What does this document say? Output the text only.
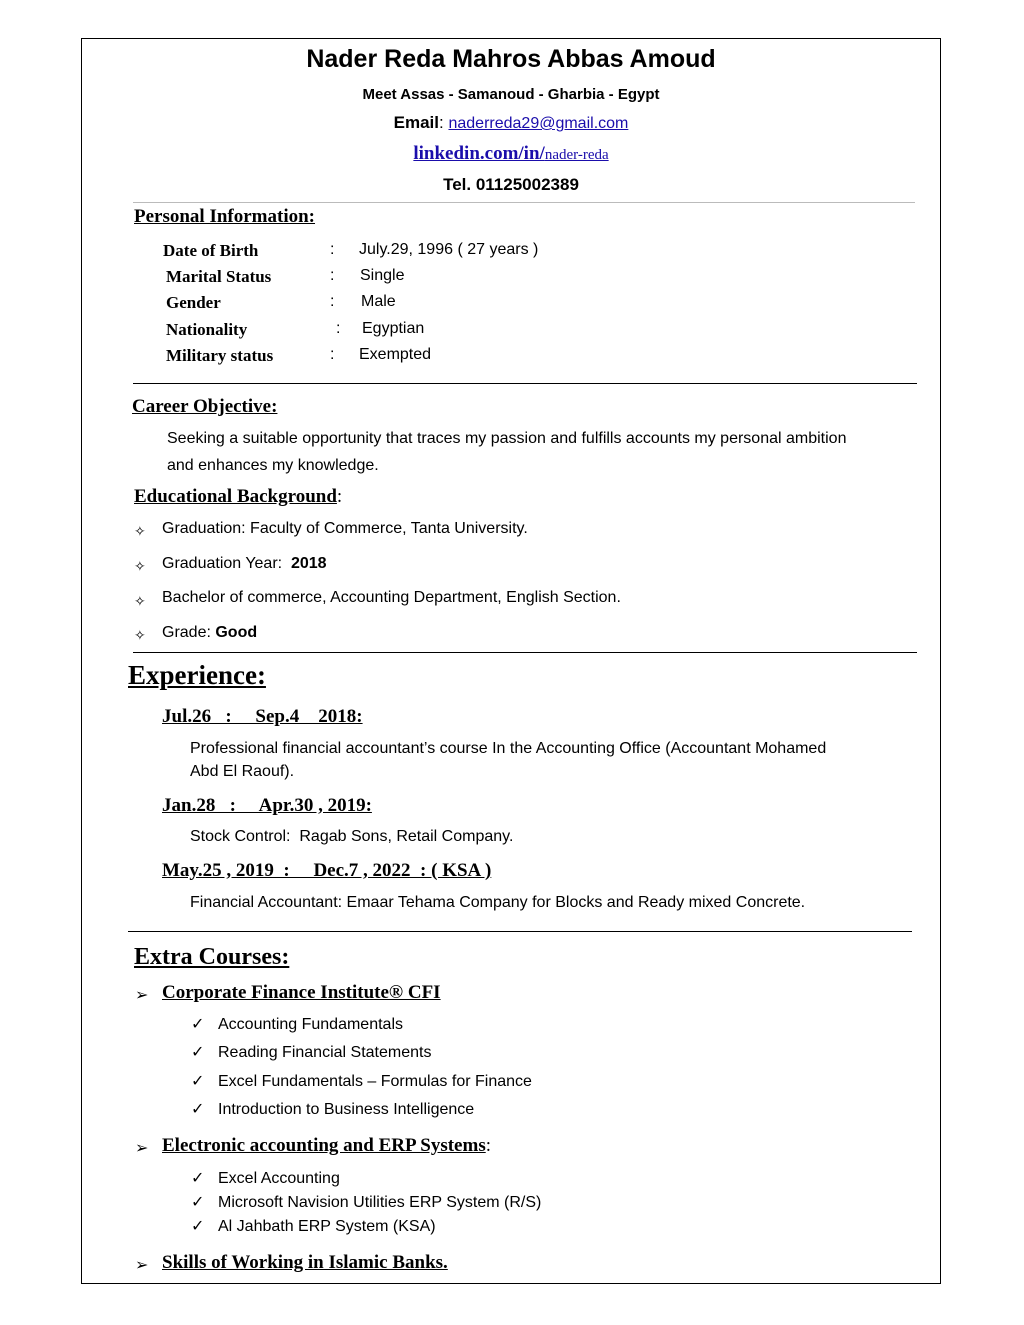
Nader Reda Mahros Abbas Amoud
Meet Assas - Samanoud - Gharbia - Egypt
Email: naderreda29@gmail.com
linkedin.com/in/nader-reda
Tel. 01125002389
Personal Information:
Date of Birth	: July.29, 1996 ( 27 years )
Marital Status	: Single
Gender	: Male
Nationality	: Egyptian
Military status	: Exempted
Career Objective:
Seeking a suitable opportunity that traces my passion and fulfills accounts my personal ambition
and enhances my knowledge.
Educational Background:
✧ Graduation: Faculty of Commerce, Tanta University.
✧ Graduation Year:  2018
✧ Bachelor of commerce, Accounting Department, English Section.
✧ Grade: Good
Experience:
Jul.26   :     Sep.4    2018:
Professional financial accountant’s course In the Accounting Office (Accountant Mohamed
Abd El Raouf).
Jan.28   :     Apr.30 , 2019:
Stock Control:  Ragab Sons, Retail Company.
May.25 , 2019  :     Dec.7 , 2022  : ( KSA )
Financial Accountant: Emaar Tehama Company for Blocks and Ready mixed Concrete.
Extra Courses:
➢ Corporate Finance Institute® CFI
✓ Accounting Fundamentals
✓ Reading Financial Statements
✓ Excel Fundamentals – Formulas for Finance
✓ Introduction to Business Intelligence
➢ Electronic accounting and ERP Systems:
✓ Excel Accounting
✓ Microsoft Navision Utilities ERP System (R/S)
✓ Al Jahbath ERP System (KSA)
➢ Skills of Working in Islamic Banks.
